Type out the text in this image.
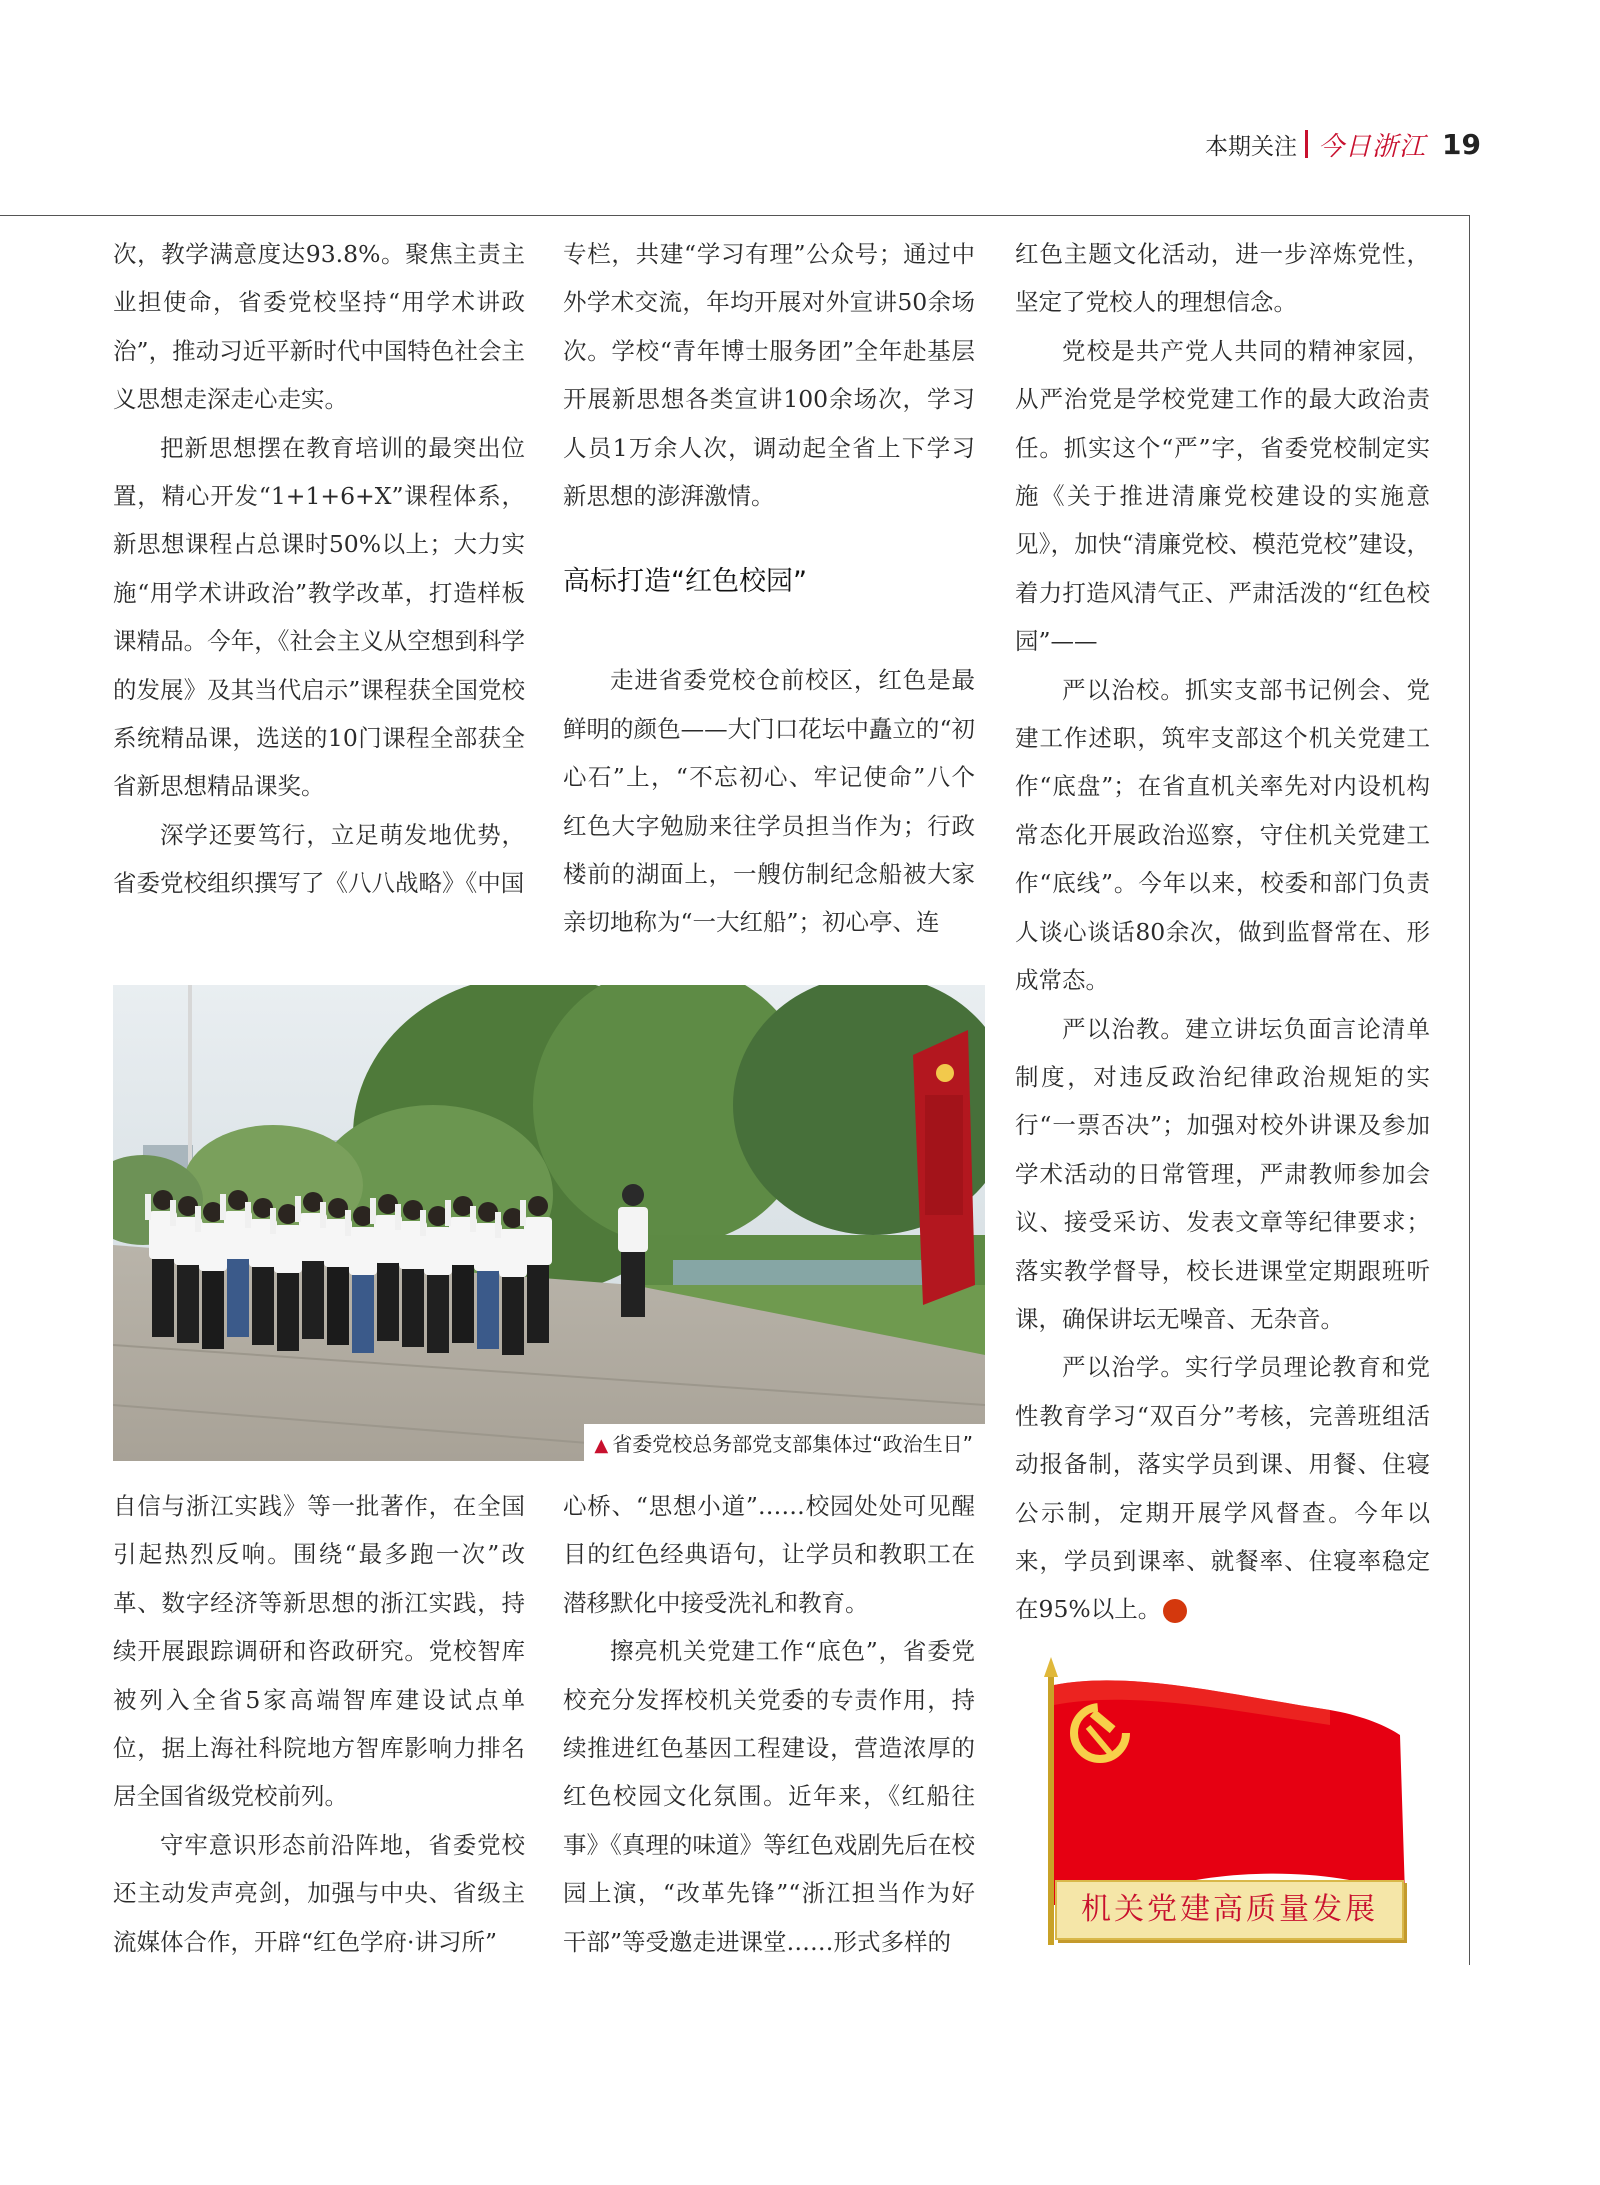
本期关注 今日浙江 19

次，教学满意度达93.8%。聚焦主责主业担使命，省委党校坚持“用学术讲政治”，推动习近平新时代中国特色社会主义思想走深走心走实。

把新思想摆在教育培训的最突出位置，精心开发“1+1+6+X”课程体系，新思想课程占总课时50%以上；大力实施“用学术讲政治”教学改革，打造样板课精品。今年，《社会主义从空想到科学的发展》及其当代启示”课程获全国党校系统精品课，选送的10门课程全部获全省新思想精品课奖。

深学还要笃行，立足萌发地优势，省委党校组织撰写了《八八战略》《中国

专栏，共建“学习有理”公众号；通过中外学术交流，年均开展对外宣讲50余场次。学校“青年博士服务团”全年赴基层开展新思想各类宣讲100余场次，学习人员1万余人次，调动起全省上下学习新思想的澎湃激情。

高标打造“红色校园”

走进省委党校仓前校区，红色是最鲜明的颜色——大门口花坛中矗立的“初心石”上，“不忘初心、牢记使命”八个红色大字勉励来往学员担当作为；行政楼前的湖面上，一艘仿制纪念船被大家亲切地称为“一大红船”；初心亭、连

红色主题文化活动，进一步淬炼党性，坚定了党校人的理想信念。

党校是共产党人共同的精神家园，从严治党是学校党建工作的最大政治责任。抓实这个“严”字，省委党校制定实施《关于推进清廉党校建设的实施意见》，加快“清廉党校、模范党校”建设，着力打造风清气正、严肃活泼的“红色校园”——

严以治校。抓实支部书记例会、党建工作述职，筑牢支部这个机关党建工作“底盘”；在省直机关率先对内设机构常态化开展政治巡察，守住机关党建工作“底线”。今年以来，校委和部门负责人谈心谈话80余次，做到监督常在、形成常态。

严以治教。建立讲坛负面言论清单制度，对违反政治纪律政治规矩的实行“一票否决”；加强对校外讲课及参加学术活动的日常管理，严肃教师参加会议、接受采访、发表文章等纪律要求；落实教学督导，校长进课堂定期跟班听课，确保讲坛无噪音、无杂音。

严以治学。实行学员理论教育和党性教育学习“双百分”考核，完善班组活动报备制，落实学员到课、用餐、住寝公示制，定期开展学风督查。今年以来，学员到课率、就餐率、住寝率稳定在95%以上。	今

▲ 省委党校总务部党支部集体过“政治生日”

自信与浙江实践》等一批著作，在全国引起热烈反响。围绕“最多跑一次”改革、数字经济等新思想的浙江实践，持续开展跟踪调研和咨政研究。党校智库被列入全省5家高端智库建设试点单位，据上海社科院地方智库影响力排名居全国省级党校前列。

守牢意识形态前沿阵地，省委党校还主动发声亮剑，加强与中央、省级主流媒体合作，开辟“红色学府·讲习所”

心桥、“思想小道”……校园处处可见醒目的红色经典语句，让学员和教职工在潜移默化中接受洗礼和教育。

擦亮机关党建工作“底色”，省委党校充分发挥校机关党委的专责作用，持续推进红色基因工程建设，营造浓厚的红色校园文化氛围。近年来，《红船往事》《真理的味道》等红色戏剧先后在校园上演，“改革先锋”“浙江担当作为好干部”等受邀走进课堂……形式多样的

机关党建高质量发展
